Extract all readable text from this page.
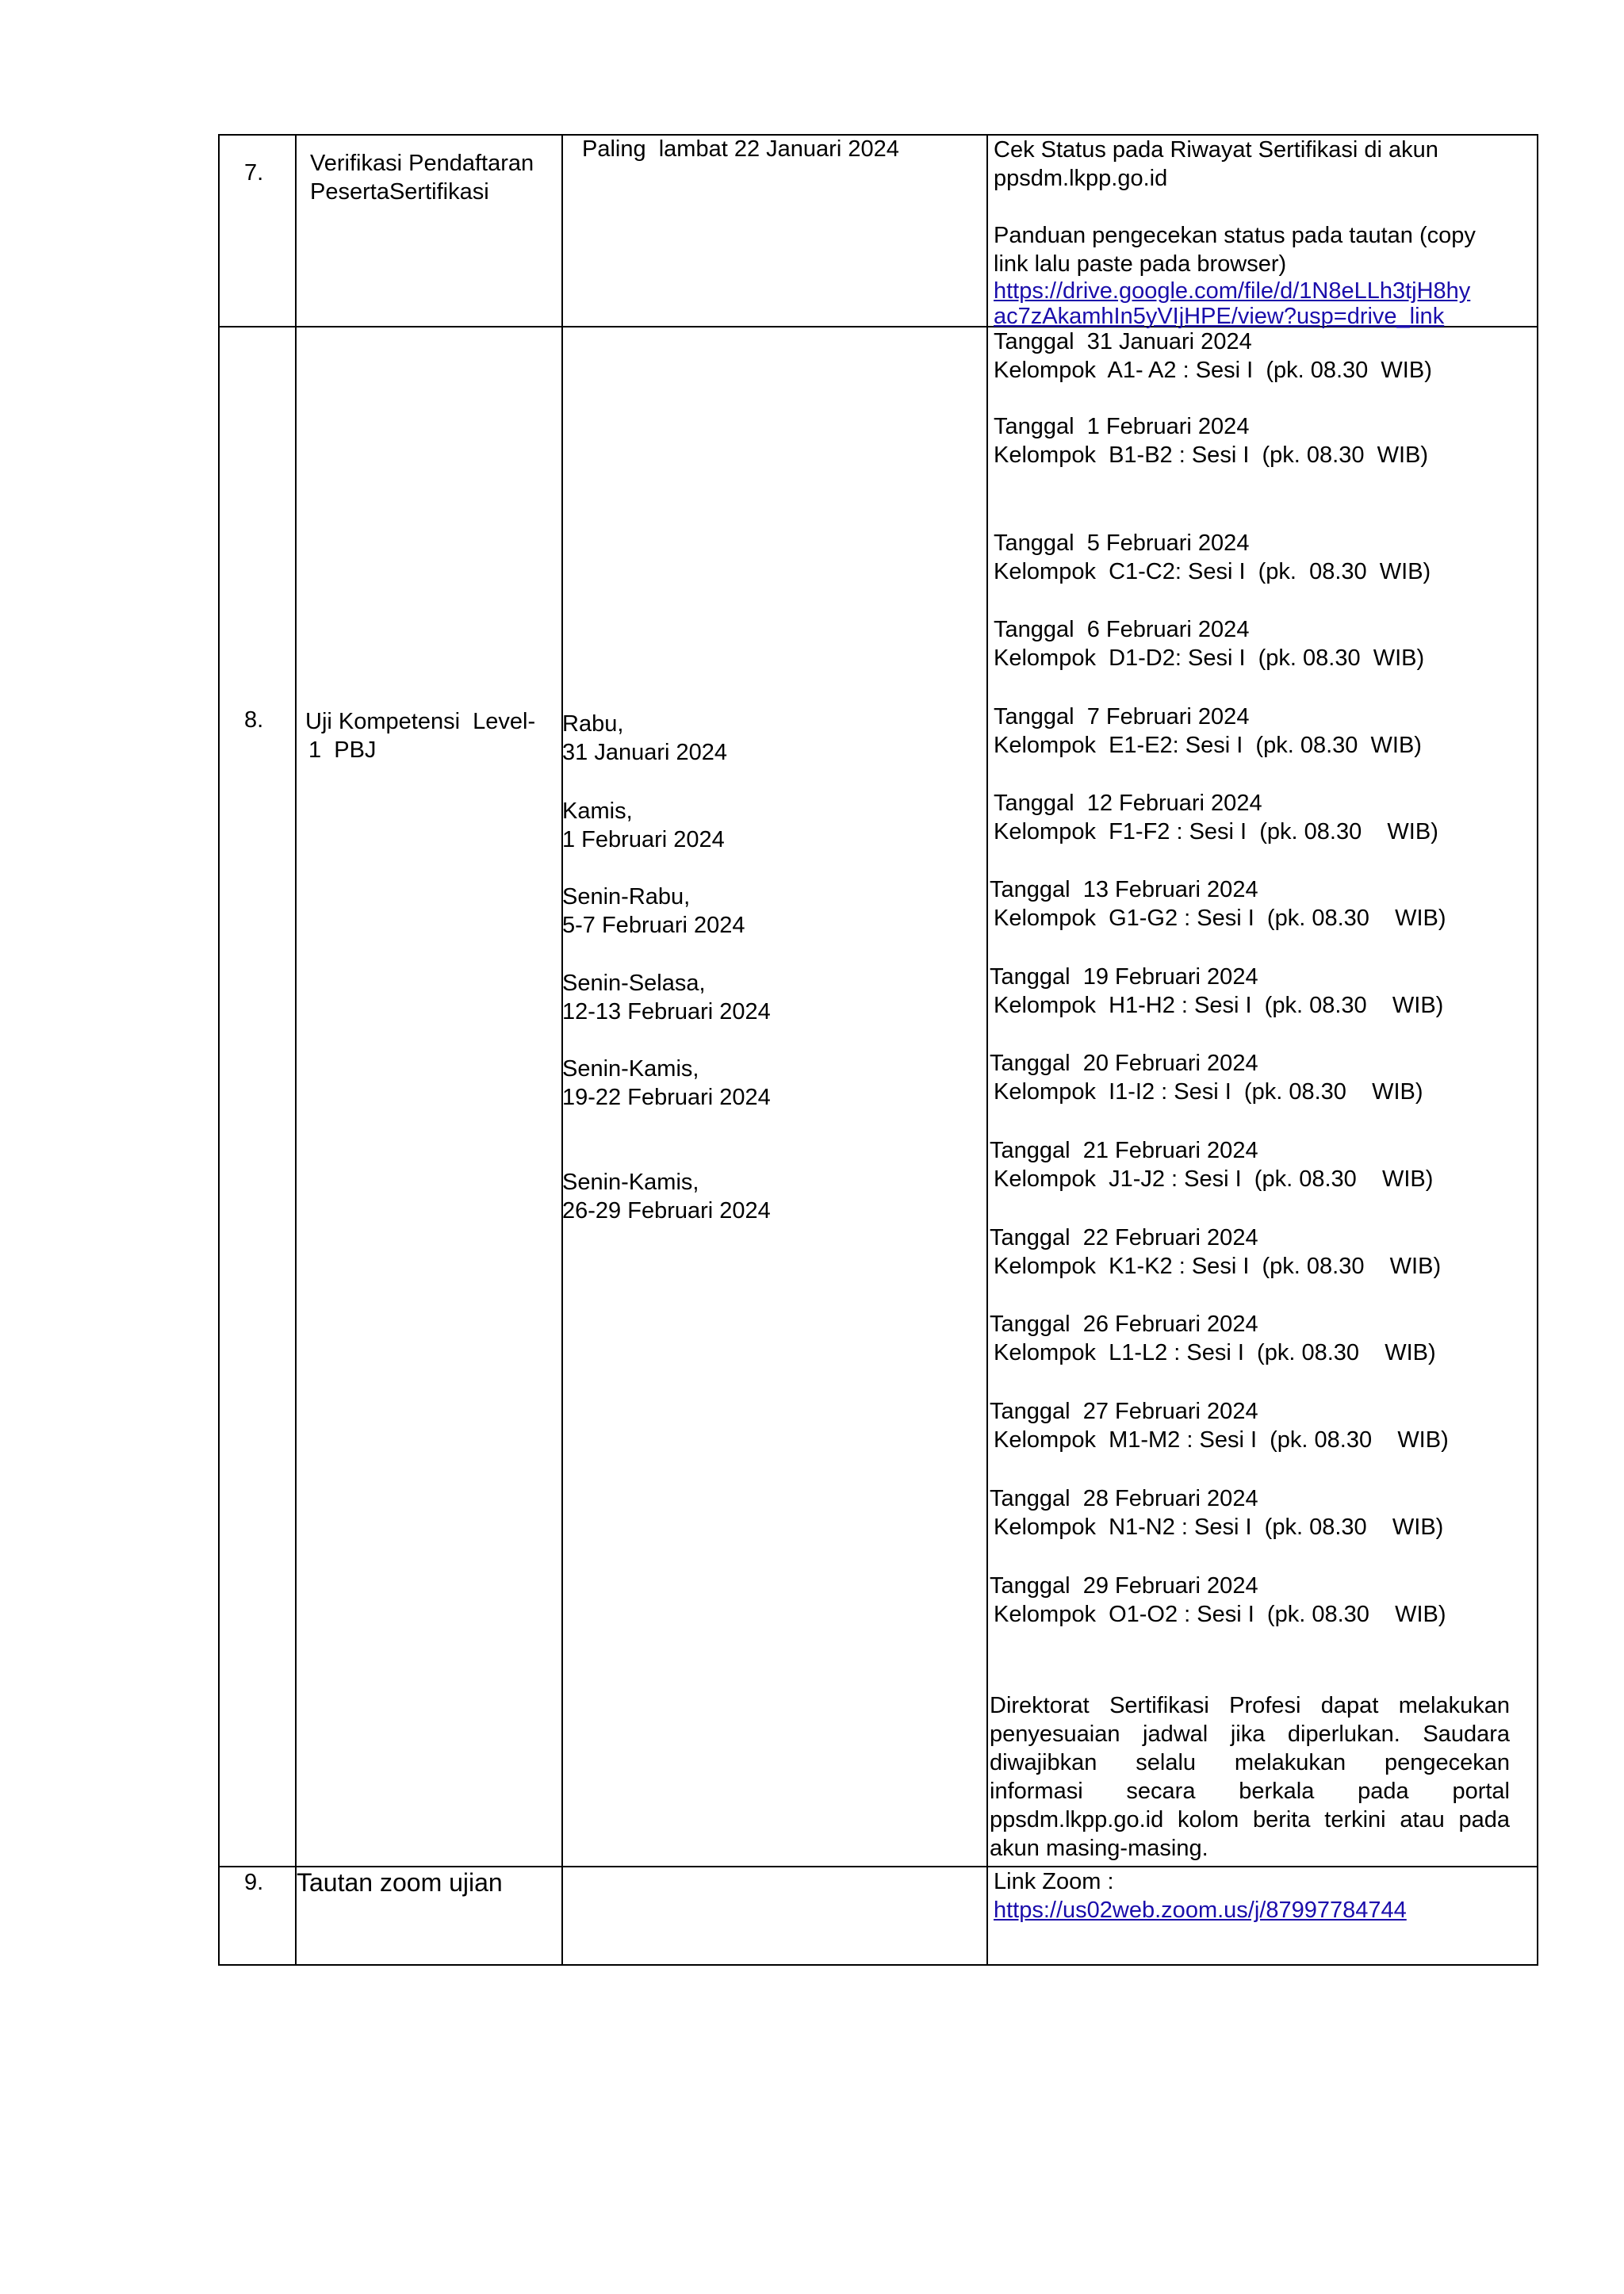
7. Verifikasi Pendaftaran
PesertaSertifikasi
Paling  lambat 22 Januari 2024	Cek Status pada Riwayat Sertifikasi di akun
ppsdm.lkpp.go.id
Panduan pengecekan status pada tautan (copy
link lalu paste pada browser)
https://drive.google.com/file/d/1N8eLLh3tjH8hy
ac7zAkamhIn5yVIjHPE/view?usp=drive_link
8. Uji Kompetensi  Level-
1  PBJ
Rabu,
31 Januari 2024
Kamis,
1 Februari 2024
Senin-Rabu,
5-7 Februari 2024
Senin-Selasa,
12-13 Februari 2024
Senin-Kamis,
19-22 Februari 2024
Senin-Kamis,
26-29 Februari 2024
Tanggal  31 Januari 2024
Kelompok  A1- A2 : Sesi I  (pk. 08.30  WIB)
Tanggal  1 Februari 2024
Kelompok  B1-B2 : Sesi I  (pk. 08.30  WIB)
Tanggal  5 Februari 2024
Kelompok  C1-C2: Sesi I  (pk.  08.30  WIB)
Tanggal  6 Februari 2024
Kelompok  D1-D2: Sesi I  (pk. 08.30  WIB)
Tanggal  7 Februari 2024
Kelompok  E1-E2: Sesi I  (pk. 08.30  WIB)
Tanggal  12 Februari 2024
Kelompok  F1-F2 : Sesi I  (pk. 08.30    WIB)
Tanggal  13 Februari 2024
Kelompok  G1-G2 : Sesi I  (pk. 08.30    WIB)
Tanggal  19 Februari 2024
Kelompok  H1-H2 : Sesi I  (pk. 08.30    WIB)
Tanggal  20 Februari 2024
Kelompok  I1-I2 : Sesi I  (pk. 08.30    WIB)
Tanggal  21 Februari 2024
Kelompok  J1-J2 : Sesi I  (pk. 08.30    WIB)
Tanggal  22 Februari 2024
Kelompok  K1-K2 : Sesi I  (pk. 08.30    WIB)
Tanggal  26 Februari 2024
Kelompok  L1-L2 : Sesi I  (pk. 08.30    WIB)
Tanggal  27 Februari 2024
Kelompok  M1-M2 : Sesi I  (pk. 08.30    WIB)
Tanggal  28 Februari 2024
Kelompok  N1-N2 : Sesi I  (pk. 08.30    WIB)
Tanggal  29 Februari 2024
Kelompok  O1-O2 : Sesi I  (pk. 08.30    WIB)
Direktorat Sertifikasi Profesi dapat melakukan penyesuaian jadwal jika diperlukan. Saudara diwajibkan selalu melakukan pengecekan informasi secara berkala pada portal ppsdm.lkpp.go.id kolom berita terkini atau pada akun masing-masing.
9. Tautan zoom ujian	Link Zoom :
https://us02web.zoom.us/j/87997784744
